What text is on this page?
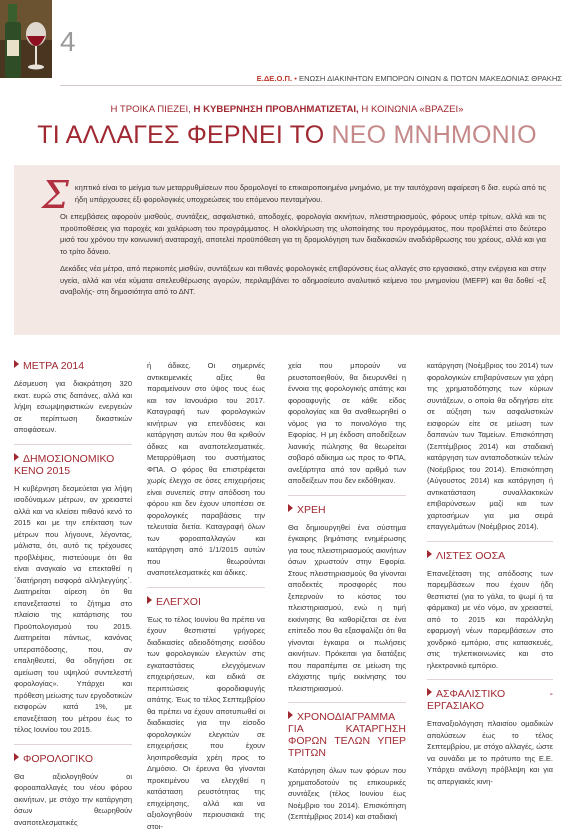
4
Ε.ΔΕ.Ο.Π. • ΕΝΩΣΗ ΔΙΑΚΙΝΗΤΩΝ ΕΜΠΟΡΩΝ ΟΙΝΩΝ & ΠΟΤΩΝ ΜΑΚΕΔΟΝΙΑΣ ΘΡΑΚΗΣ
Η ΤΡΟΙΚΑ ΠΙΕΖΕΙ, Η ΚΥΒΕΡΝΗΣΗ ΠΡΟΒΛΗΜΑΤΙΖΕΤΑΙ, Η ΚΟΙΝΩΝΙΑ «ΒΡΑΖΕΙ»
ΤΙ ΑΛΛΑΓΕΣ ΦΕΡΝΕΙ ΤΟ ΝΕΟ ΜΝΗΜΟΝΙΟ

Σκηπτικό είναι το μείγμα των μεταρρυθμίσεων που δρομολογεί το επικαιροποιημένο μνημόνιο, με την ταυτόχρονη αφαίρεση 6 δισ. ευρώ από τις ήδη υπάρχουσες έξι φορολογικές υποχρεώσεις του επόμενου πενταμήνου.

Οι επεμβάσεις αφορούν μισθούς, συντάξεις, ασφαλιστικό, αποδοχές, φορολογία ακινήτων, πλειστηριασμούς, φόρους υπέρ τρίτων, αλλά και τις προϋποθέσεις για παροχές και χαλάρωση του προγράμματος. Η ολοκλήρωση της υλοποίησης του προγράμματος, που προβλέπεί στο δεύτερο μισό του χρόνου την κοινωνική αναταραχή, αποτελεί προϋπόθεση για τη δρομολόγηση των διαδικασιών αναδιάρθρωσης του χρέους, αλλά και για το τρίτο δάνειο.

Δεκάδες νέα μέτρα, από περικοπές μισθών, συντάξεων και πιθανές φορολογικές επιβαρύνσεις έως αλλαγές στο εργασιακό, στην ενέργεια και στην υγεία, αλλά και νέα κύματα απελευθέρωσης αγορών, περιλαμβάνει το αδημοσίευτο αναλυτικό κείμενο του μνημονίου (MEFP) και θα δοθεί -εξ αναβολής- στη δημοσιότητα από το ΔΝΤ.

ΜΕΤΡΑ 2014

Δέσμευση για διακράτηση 320 εκατ. ευρώ στις δαπάνες, αλλά και λήψη εσωμψηφιστικών ενεργειών σε περίπτωση δικαστικών αποφάσεων.

ΔΗΜΟΣΙΟΝΟΜΙΚΟ ΚΕΝΟ 2015

Η κυβέρνηση δεσμεύεται για λήψη ισοδύναμων μέτρων, αν χρειαστεί αλλά και να κλείσει πιθανό κενό το 2015 και με την επέκταση των μέτρων που λήγουνε, λέγοντας, μάλιστα, ότι, αυτό τις τρέχουσες προβλέψεις, πιστεύουμε ότι θα είναι αναγκαίο να επεκταθεί η ΄διατήρηση εισφορά αλληλεγγύης΄. Διατηρείται αίρεση ότι θα επανεξεταστεί το ζήτημα στο πλαίσιο της κατάρτισης του Προϋπολογισμού του 2015. Διατηρείται πάντως, κανόνας υπεραπόδοσης, που, αν επαληθευτεί, θα οδηγήσει σε αμείωση του υψηλού συντελεστή φορολογίας». Υπάρχει και πρόθεση μείωσης των εργοδοτικών εισφορών κατά 1%, με επανεξέταση του μέτρου έως το τέλος Ιουνίου του 2015.

ΦΟΡΟΛΟΓΙΚΟ

Θα αξιολογηθούν οι φοροαπαλλαγές του νέου φόρου ακινήτων, με στόχο την κατάργηση όσων θεωρηθούν αναποτελεσματικές

ή άδικες. Οι σημερινές αντικειμενικές αξίες θα παραμείνουν στο ύψος τους έως και τον Ιανουάριο του 2017. Καταγραφή των φορολογικών κινήτρων για επενδύσεις και κατάργηση αυτών που θα κριθούν άδικες και αναποτελεσματικές. Μεταρρύθμιση του συστήματος ΦΠΑ. Ο φόρος θα επιστρέφεται χωρίς έλεγχο σε όσες επιχειρήσεις είναι συνεπείς στην απόδοση του φόρου και δεν έχουν υποπέσει σε φορολογικές παραβάσεις την τελευταία διετία. Καταγραφή όλων των φοροαπαλλαγών και κατάργηση από 1/1/2015 αυτών που θεωρούνται αναποτελεσματικές και άδικες.

ΕΛΕΓΧΟΙ

Έως το τέλος Ιουνίου θα πρέπει να έχουν θεσπιστεί γρήγορες διαδικασίες αδειοδότησης εισόδου των φορολογικών ελεγκτών στις εγκαταστάσεις ελεγχόμενων επιχειρήσεων, και ειδικά σε περιπτώσεις φοροδιαφυγής απάτης. Έως το τέλος Σεπτεμβρίου θα πρέπει να έχουν αποτυπωθεί οι διαδικασίες για την είσοδο φορολογικών ελεγκτών σε επιχειρήσεις που έχουν λησιπροθεσμία χρέη προς το Δημόσιο. Οι έρευνα θα γίνονται προκειμένου να ελεγχθεί η κατάσταση ρευστότητας της επιχείρησης, αλλά και να αξιολογηθούν περιουσιακά της στοι-

χεία που μπορούν να ρευστοποιηθούν, θα διευρυνθεί η έννοια της φορολογικής απάτης και φοροαφυγής σε κάθε είδος φορολογίας και θα αναθεωρηθεί ο νόμος για το ποινολόγιο της Εφορίας. Η μη έκδοση αποδείξεων λιανικής πώλησης θα θεωρείται σοβαρό αδίκημα ως προς το ΦΠΑ, ανεξάρτητα από τον αριθμό των αποδείξεων που δεν εκδόθηκαν.

ΧΡΕΗ

Θα δημιουργηθεί ένα σύστημα έγκαιρης βημάτισης ενημέρωσης για τους πλειστηριασμούς ακινήτων όσων χρωστούν στην Εφορία. Στους πλειστηριασμούς θα γίνονται αποδεκτές προσφορές που ξεπερνούν το κόστος του πλειστηριασμού, ενώ η τιμή εκκίνησης θα καθορίζεται σε ένα επίπεδο που θα εξασφαλίζει ότι θα γίνονται έγκαιρα οι πωλήσεις ακινήτων. Πρόκειται για διατάξεις που παραπέμπει σε μείωση της ελάχιστης τιμής εκκίνησης του πλειστηριασμού.

ΧΡΟΝΟΔΙΑΓΡΑΜΜΑ ΓΙΑ ΚΑΤΑΡΓΗΣΗ ΦΟΡΩΝ ΤΕΛΩΝ ΥΠΕΡ ΤΡΙΤΩΝ

Κατάργηση όλων των φόρων που χρηματοδοτούν τις επικουρικές συντάξεις (τέλος Ιουνίου έως Νοέμβριο του 2014). Επισκόπηση (Σεπτέμβριος 2014) και σταδιακή

κατάργηση (Νοέμβριος του 2014) των φορολογικών επιβαρύνσεων για χάρη της χρηματοδότησης των κύριων συντάξεων, ο οποία θα οδηγήσει είτε σε αύξηση των ασφαλιστικών εισφορών είτε σε μείωση των δαπανών των Ταμείων. Επισκόπηση (Σεπτέμβριος 2014) και σταδιακή κατάργηση των ανταποδοτικών τελών (Νοέμβριος του 2014). Επισκόπηση (Αύγουστος 2014) και κατάργηση ή αντικατάσταση συναλλακτικών επιβαρύνσεων μαζί και των χαρτοσήμων για μια σειρά επαγγελμάτων (Νοέμβριος 2014).

ΛΙΣΤΕΣ ΟΟΣΑ

Επανεξέταση της απόδοσης των παρεμβάσεων που έχουν ήδη θεσπιστεί (για το γάλα, το ψωμί ή τα φάρμακα) με νέο νόμο, αν χρειαστεί, από το 2015 και παράλληλη εφαρμογή νέων παρεμβάσεων στο χονδρικό εμπόριο, στις κατασκευές, στις τηλεπικοινωνίες και στο ηλεκτρονικό εμπόριο.

ΑΣΦΑΛΙΣΤΙΚΟ - ΕΡΓΑΣΙΑΚΟ

Επαναξιολόγηση πλαισίου ομαδικών απολύσεων έως το τέλος Σεπτεμβρίου, με στόχο αλλαγές, ώστε να συνάδει με το πρότυπο της Ε.Ε. Υπάρχει ανάλογη πρόβλεψη και για τις απεργιακές κινη-
